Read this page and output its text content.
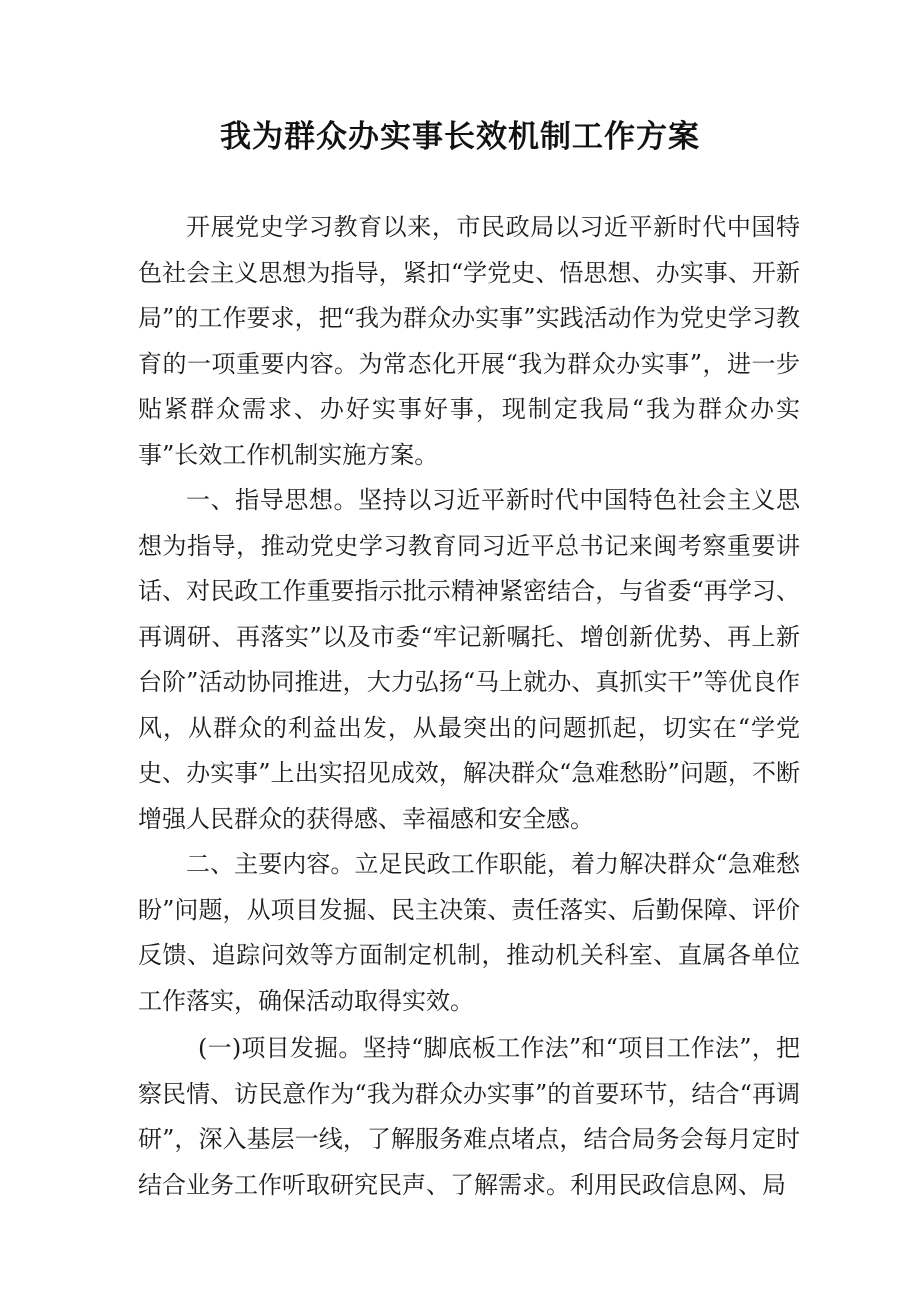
我为群众办实事长效机制工作方案

开展党史学习教育以来，市民政局以习近平新时代中国特色社会主义思想为指导，紧扣“学党史、悟思想、办实事、开新局”的工作要求，把“我为群众办实事”实践活动作为党史学习教育的一项重要内容。为常态化开展“我为群众办实事”，进一步贴紧群众需求、办好实事好事，现制定我局“我为群众办实事”长效工作机制实施方案。

一、指导思想。坚持以习近平新时代中国特色社会主义思想为指导，推动党史学习教育同习近平总书记来闽考察重要讲话、对民政工作重要指示批示精神紧密结合，与省委“再学习、再调研、再落实”以及市委“牢记新嘱托、增创新优势、再上新台阶”活动协同推进，大力弘扬“马上就办、真抓实干”等优良作风，从群众的利益出发，从最突出的问题抓起，切实在“学党史、办实事”上出实招见成效，解决群众“急难愁盼”问题，不断增强人民群众的获得感、幸福感和安全感。

二、主要内容。立足民政工作职能，着力解决群众“急难愁盼”问题，从项目发掘、民主决策、责任落实、后勤保障、评价反馈、追踪问效等方面制定机制，推动机关科室、直属各单位工作落实，确保活动取得实效。

(一)项目发掘。坚持“脚底板工作法”和“项目工作法”，把察民情、访民意作为“我为群众办实事”的首要环节，结合“再调研”，深入基层一线，了解服务难点堵点，结合局务会每月定时结合业务工作听取研究民声、了解需求。利用民政信息网、局
